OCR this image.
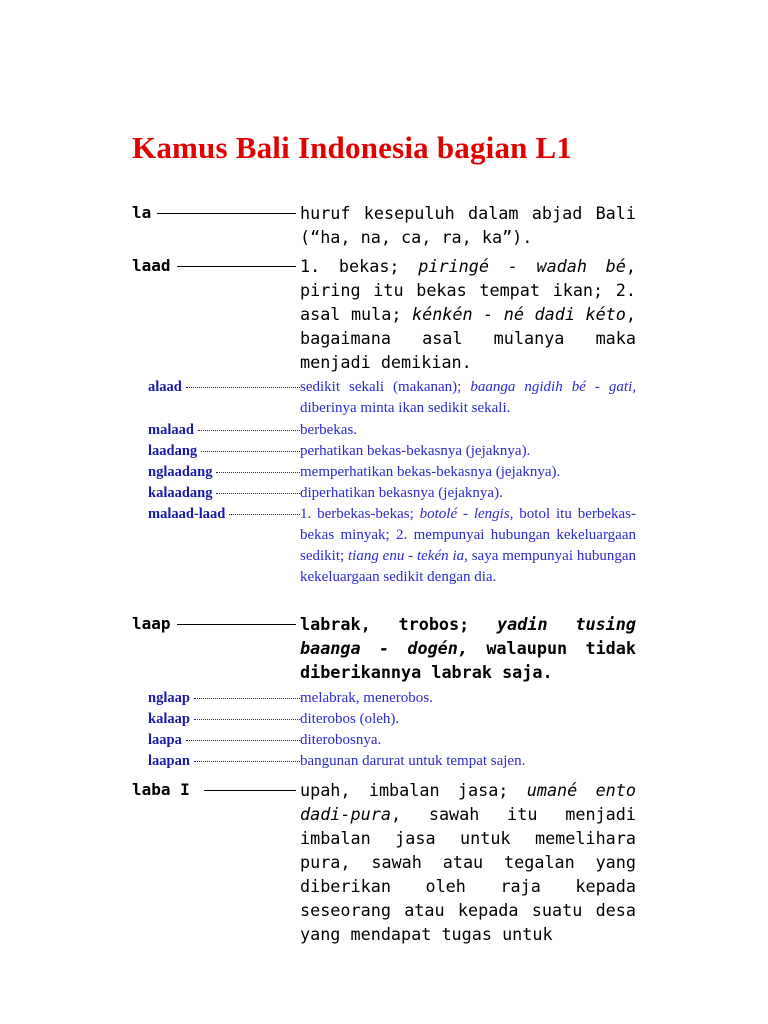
Kamus Bali Indonesia bagian L1
la	huruf kesepuluh dalam abjad Bali (“ha, na, ca, ra, ka”).
laad	1. bekas; piringé - wadah bé, piring itu bekas tempat ikan; 2. asal mula; kénkén - né dadi kéto, bagaimana asal mulanya maka menjadi demikian.
alaad	sedikit sekali (makanan); baanga ngidih bé - gati, diberinya minta ikan sedikit sekali.
malaad	berbekas.
laadang	perhatikan bekas-bekasnya (jejaknya).
nglaadang	memperhatikan bekas-bekasnya (jejaknya).
kalaadang	diperhatikan bekasnya (jejaknya).
malaad-laad	1. berbekas-bekas; botolé - lengis, botol itu berbekas-bekas minyak; 2. mempunyai hubungan kekeluargaan sedikit; tiang enu - tekén ia, saya mempunyai hubungan kekeluargaan sedikit dengan dia.
laap	labrak, trobos; yadin tusing baanga - dogén, walaupun tidak diberikannya labrak saja.
nglaap	melabrak, menerobos.
kalaap	diterobos (oleh).
laapa	diterobosnya.
laapan	bangunan darurat untuk tempat sajen.
laba I	upah, imbalan jasa; umané ento dadi-pura, sawah itu menjadi imbalan jasa untuk memelihara pura, sawah atau tegalan yang diberikan oleh raja kepada seseorang atau kepada suatu desa yang mendapat tugas untuk
